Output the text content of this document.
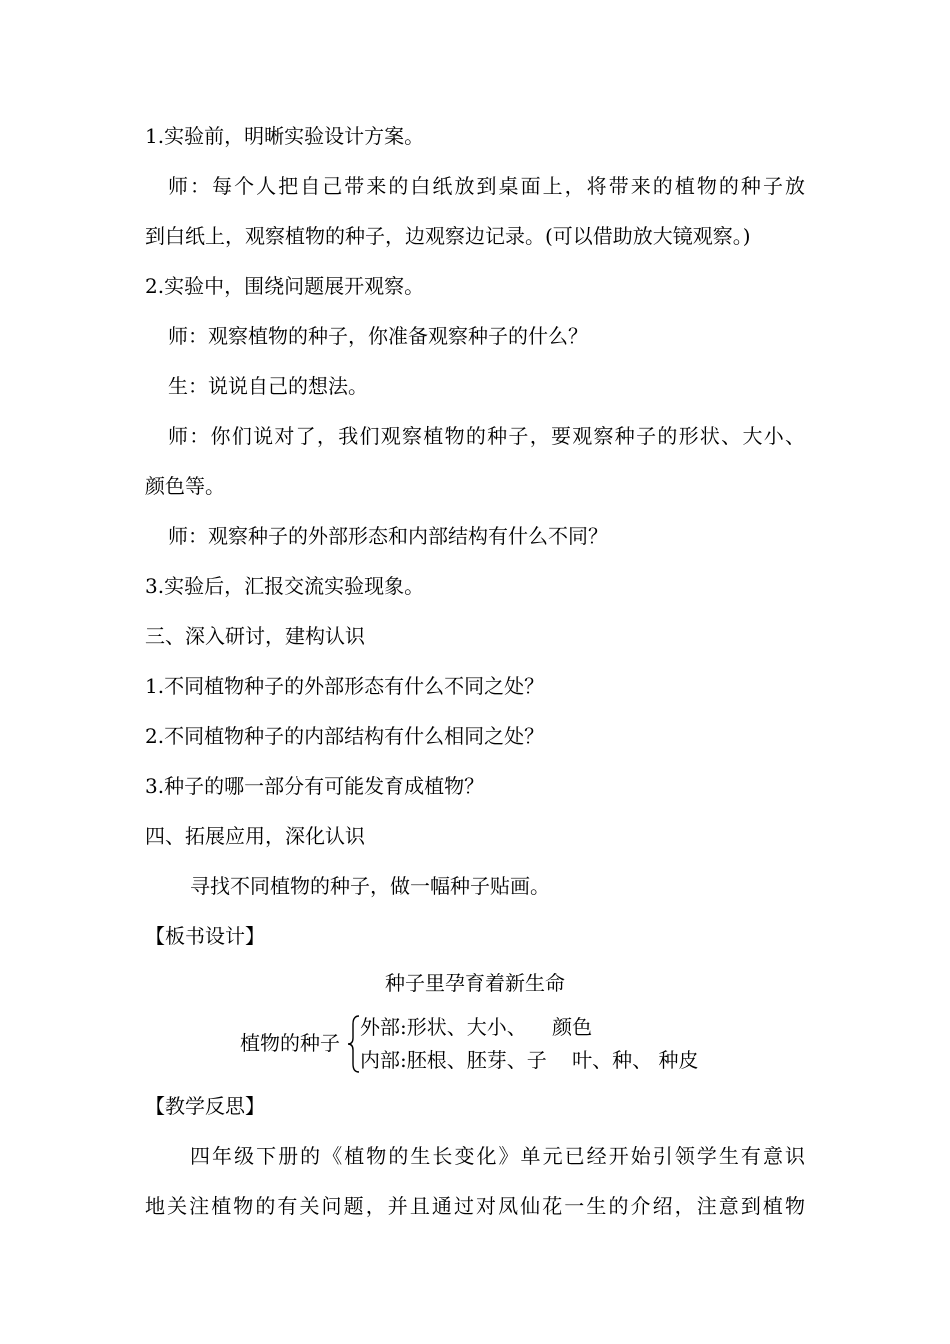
1.实验前，明晰实验设计方案。
师：每个人把自己带来的白纸放到桌面上，将带来的植物的种子放
到白纸上，观察植物的种子，边观察边记录。(可以借助放大镜观察。)
2.实验中，围绕问题展开观察。
师：观察植物的种子，你准备观察种子的什么？
生：说说自己的想法。
师：你们说对了，我们观察植物的种子，要观察种子的形状、大小、
颜色等。
师：观察种子的外部形态和内部结构有什么不同？
3.实验后，汇报交流实验现象。
三、深入研讨，建构认识
1.不同植物种子的外部形态有什么不同之处？
2.不同植物种子的内部结构有什么相同之处？
3.种子的哪一部分有可能发育成植物？
四、拓展应用，深化认识
寻找不同植物的种子，做一幅种子贴画。
【板书设计】
种子里孕育着新生命
植物的种子
外部:形状、大小、    颜色
内部:胚根、胚芽、子    叶、种、 种皮
【教学反思】
四年级下册的《植物的生长变化》单元已经开始引领学生有意识
地关注植物的有关问题，并且通过对凤仙花一生的介绍，注意到植物
